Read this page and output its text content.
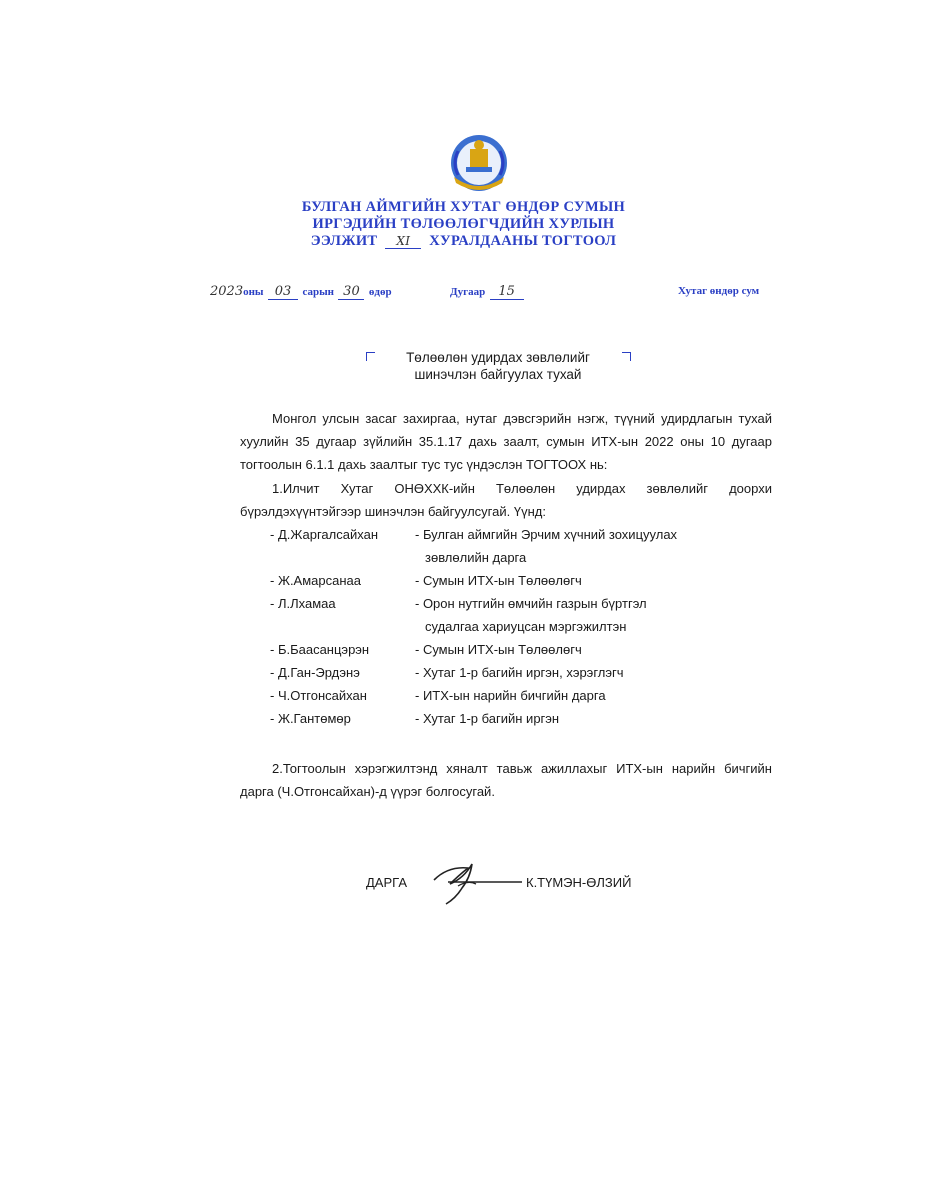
БУЛГАН АЙМГИЙН ХУТАГ ӨНДӨР СУМЫН
ИРГЭДИЙН ТӨЛӨӨЛӨГЧДИЙН ХУРЛЫН
ЭЭЛЖИТ XI ХУРАЛДААНЫ ТОГТООЛ
2023оны 03 сарын 30 өдөр	Дугаар 15	Хутаг өндөр сум
Төлөөлөн удирдах зөвлөлийг
шинэчлэн байгуулах тухай
Монгол улсын засаг захиргаа, нутаг дэвсгэрийн нэгж, түүний удирдлагын тухай хуулийн 35 дугаар зүйлийн 35.1.17 дахь заалт, сумын ИТХ-ын 2022 оны 10 дугаар тогтоолын 6.1.1 дахь заалтыг тус тус үндэслэн ТОГТООХ нь:
1.Илчит Хутаг ОНӨХХК-ийн Төлөөлөн удирдах зөвлөлийг доорхи бүрэлдэхүүнтэйгээр шинэчлэн байгуулсугай. Үүнд:
- Д.Жаргалсайхан	- Булган аймгийн Эрчим хүчний зохицуулах
зөвлөлийн дарга
- Ж.Амарсанаа	- Сумын ИТХ-ын Төлөөлөгч
- Л.Лхамаа	- Орон нутгийн өмчийн газрын бүртгэл
судалгаа хариуцсан мэргэжилтэн
- Б.Баасанцэрэн	- Сумын ИТХ-ын Төлөөлөгч
- Д.Ган-Эрдэнэ	- Хутаг 1-р багийн иргэн, хэрэглэгч
- Ч.Отгонсайхан	- ИТХ-ын нарийн бичгийн дарга
- Ж.Гантөмөр	- Хутаг 1-р багийн иргэн
2.Тогтоолын хэрэгжилтэнд хяналт тавьж ажиллахыг ИТХ-ын нарийн бичгийн дарга (Ч.Отгонсайхан)-д үүрэг болгосугай.
ДАРГА	К.ТҮМЭН-ӨЛЗИЙ
